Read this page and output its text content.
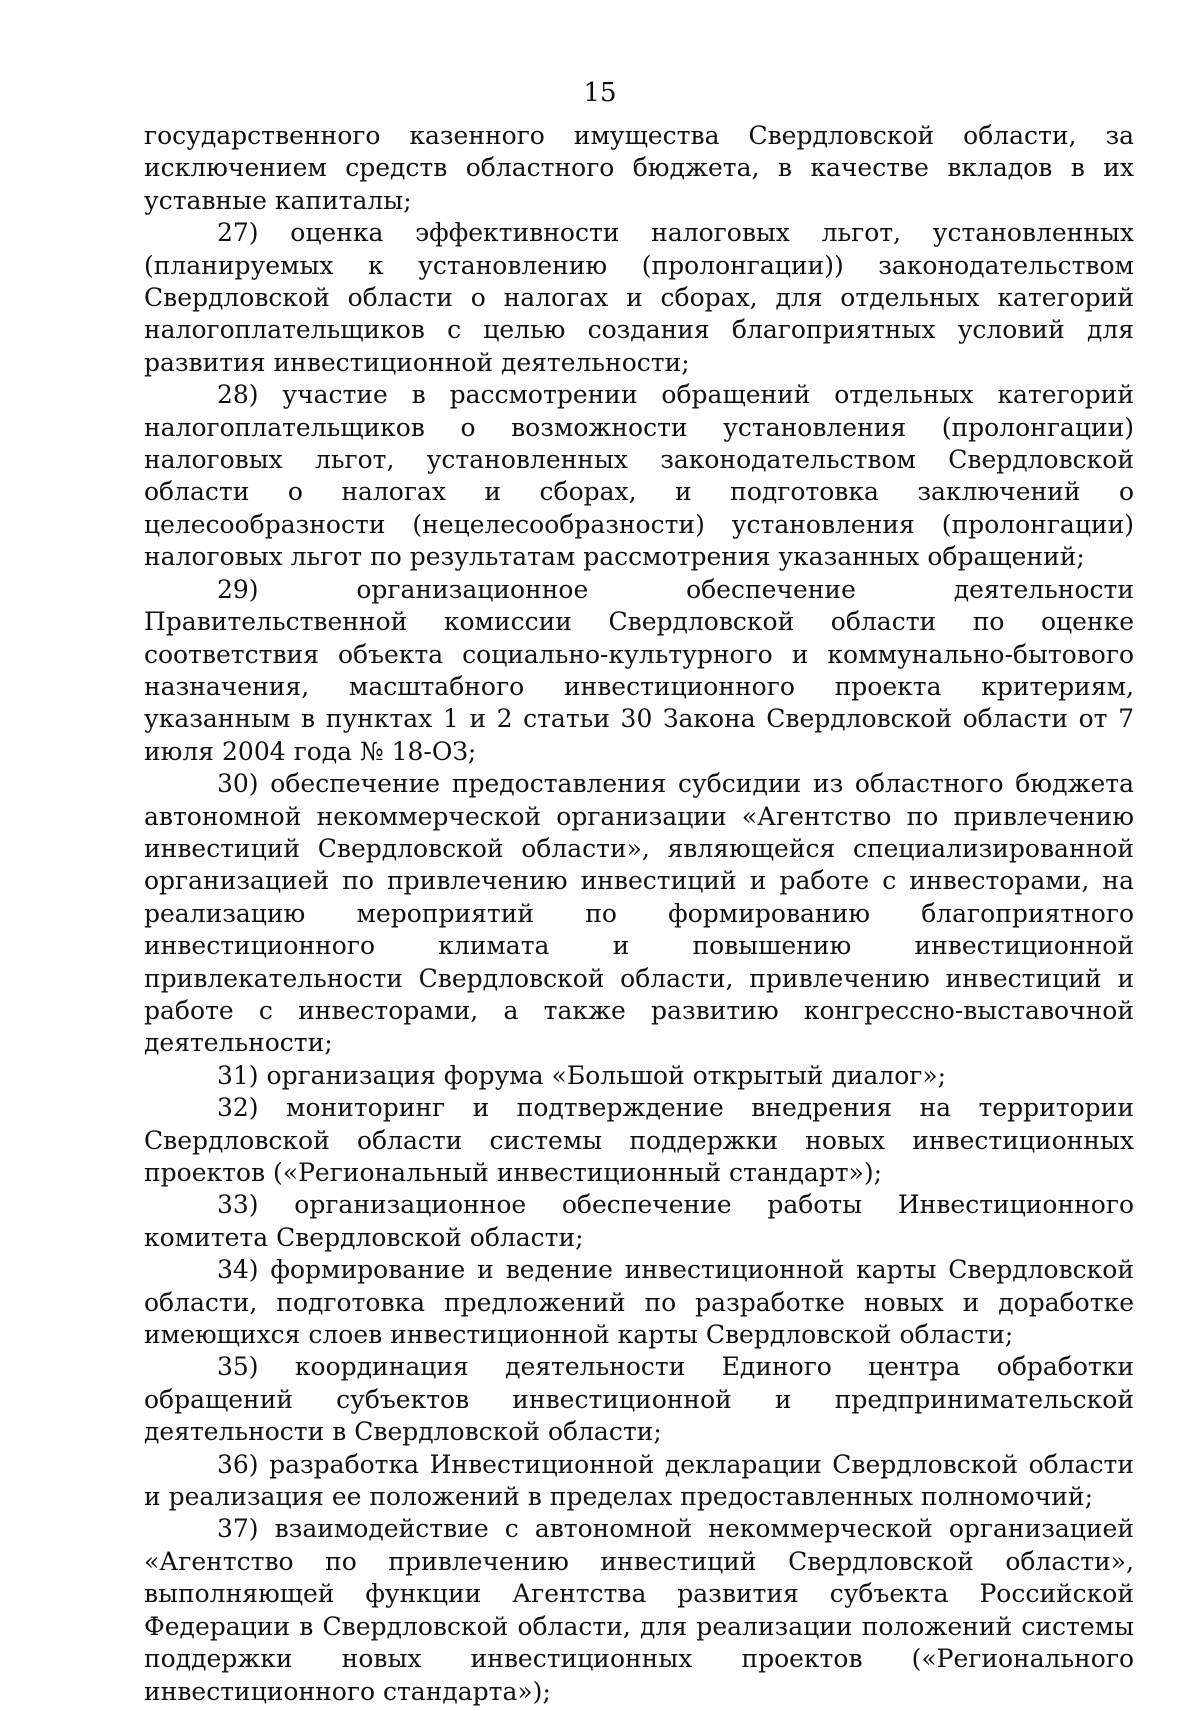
15

государственного казенного имущества Свердловской области, за исключением средств областного бюджета, в качестве вкладов в их уставные капиталы;

27) оценка эффективности налоговых льгот, установленных (планируемых к установлению (пролонгации)) законодательством Свердловской области о налогах и сборах, для отдельных категорий налогоплательщиков с целью создания благоприятных условий для развития инвестиционной деятельности;

28) участие в рассмотрении обращений отдельных категорий налогоплательщиков о возможности установления (пролонгации) налоговых льгот, установленных законодательством Свердловской области о налогах и сборах, и подготовка заключений о целесообразности (нецелесообразности) установления (пролонгации) налоговых льгот по результатам рассмотрения указанных обращений;

29) организационное обеспечение деятельности Правительственной комиссии Свердловской области по оценке соответствия объекта социально-культурного и коммунально-бытового назначения, масштабного инвестиционного проекта критериям, указанным в пунктах 1 и 2 статьи 30 Закона Свердловской области от 7 июля 2004 года № 18-ОЗ;

30) обеспечение предоставления субсидии из областного бюджета автономной некоммерческой организации «Агентство по привлечению инвестиций Свердловской области», являющейся специализированной организацией по привлечению инвестиций и работе с инвесторами, на реализацию мероприятий по формированию благоприятного инвестиционного климата и повышению инвестиционной привлекательности Свердловской области, привлечению инвестиций и работе с инвесторами, а также развитию конгрессно-выставочной деятельности;

31) организация форума «Большой открытый диалог»;

32) мониторинг и подтверждение внедрения на территории Свердловской области системы поддержки новых инвестиционных проектов («Региональный инвестиционный стандарт»);

33) организационное обеспечение работы Инвестиционного комитета Свердловской области;

34) формирование и ведение инвестиционной карты Свердловской области, подготовка предложений по разработке новых и доработке имеющихся слоев инвестиционной карты Свердловской области;

35) координация деятельности Единого центра обработки обращений субъектов инвестиционной и предпринимательской деятельности в Свердловской области;

36) разработка Инвестиционной декларации Свердловской области и реализация ее положений в пределах предоставленных полномочий;

37) взаимодействие с автономной некоммерческой организацией «Агентство по привлечению инвестиций Свердловской области», выполняющей функции Агентства развития субъекта Российской Федерации в Свердловской области, для реализации положений системы поддержки новых инвестиционных проектов («Регионального инвестиционного стандарта»);
